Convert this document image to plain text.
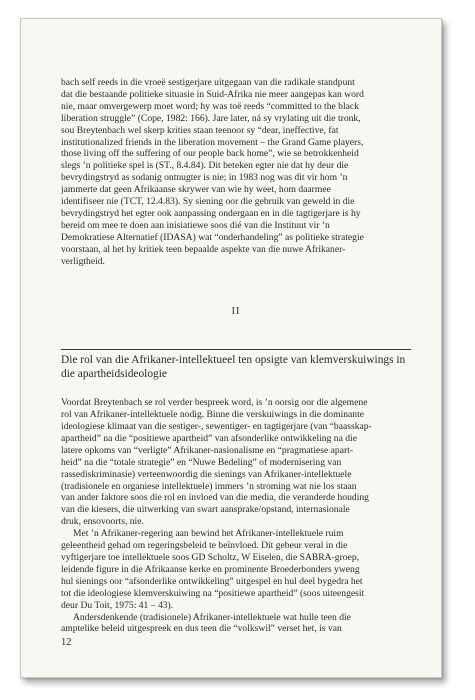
bach self reeds in die vroeë sestigerjare uitgegaan van die radikale standpunt
dat die bestaande politieke situasie in Suid-Afrika nie meer aangepas kan word
nie, maar omvergewerp moet word; hy was toë reeds “committed to the black
liberation struggle” (Cope, 1982: 166). Jare later, ná sy vrylating uit die tronk,
sou Breytenbach wel skerp krities staan teenoor sy “dear, ineffective, fat
institutionalized friends in the liberation movement – the Grand Game players,
those living off the suffering of our people back home”, wie se betrokkenheid
slegs ’n politieke spel is (ST., 8.4.84). Dit beteken egter nie dat hy deur die
bevrydingstryd as sodanig ontnugter is nie; in 1983 nog was dit vir hom ’n
jammerte dat geen Afrikaanse skrywer van wie hy weet, hom daarmee
identifiseer nie (TCT, 12.4.83). Sy siening oor die gebruik van geweld in die
bevrydingstryd het egter ook aanpassing ondergaan en in die tagtigerjare is hy
bereid om mee te doen aan inisiatiewe soos dié van die Instituut vir ’n
Demokratiese Alternatief (IDASA) wat “onderhandeling” as politieke strategie
voorstaan, al het hy kritiek teen bepaalde aspekte van die nuwe Afrikaner-
verligtheid.
II
Die rol van die Afrikaner-intellektueel ten opsigte van klemverskuiwings in die apartheidsideologie
Voordat Breytenbach se rol verder bespreek word, is ’n oorsig oor die algemene
rol van Afrikaner-intellektuele nodig. Binne die verskuiwings in die dominante
ideologiese klimaat van die sestiger-, sewentiger- en tagtigerjare (van “baasskap-
apartheid” na die “positiewe apartheid” van afsonderlike ontwikkeling na die
latere opkoms van “verligte” Afrikaner-nasionalisme en “pragmatiese apart-
heid” na die “totale strategie” en “Nuwe Bedeling” of modernisering van
rassediskriminasie) verteenwoordig die sienings van Afrikaner-intellektuele
(tradisionele en organiese intellektuele) immers ’n stroming wat nie los staan
van ander faktore soos die rol en invloed van die media, die veranderde houding
van die kiesers, die uitwerking van swart aansprake/opstand, internasionale
druk, ensovoorts, nie.
Met ’n Afrikaner-regering aan bewind het Afrikaner-intellektuele ruim
geleentheid gehad om regeringsbeleid te beïnvloed. Dit gebeur veral in die
vyftigerjare toe intellektuele soos GD Scholtz, W Eiselen, die SABRA-groep,
leidende figure in die Afrikaanse kerke en prominente Broederbonders yweng
hul sienings oor “afsonderlike ontwikkeling” uitgespel en hul deel bygedra het
tot die ideologiese klemverskuiwing na “positiewe apartheid” (soos uiteengesit
deur Du Toit, 1975: 41 – 43).
Andersdenkende (tradisionele) Afrikaner-intellektuele wat hulle teen die
amptelike beleid uitgespreek en dus teen die “volkswil” verset het, is van
12
